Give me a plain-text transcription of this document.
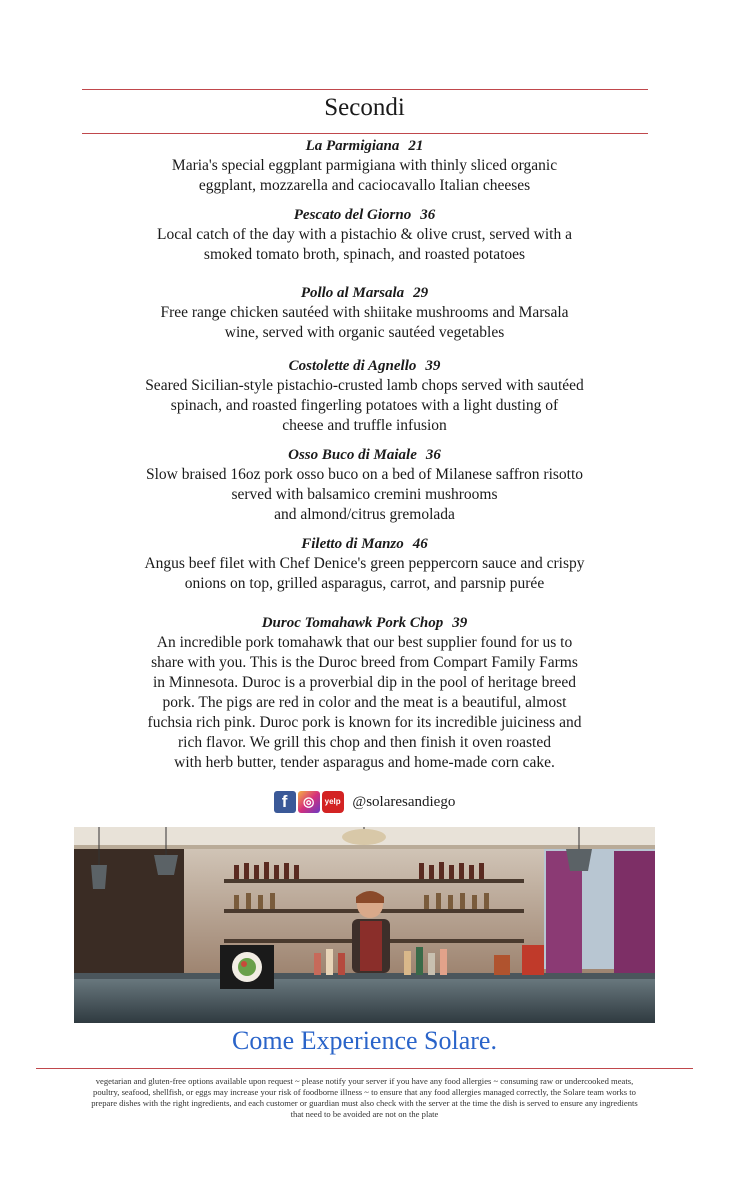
Secondi

La Parmigiana 21

Maria's special eggplant parmigiana with thinly sliced organic
eggplant, mozzarella and caciocavallo Italian cheeses

Pescato del Giorno 36

Local catch of the day with a pistachio & olive crust, served with a
smoked tomato broth, spinach, and roasted potatoes

Pollo al Marsala 29

Free range chicken sautéed with shiitake mushrooms and Marsala
wine, served with organic sautéed vegetables

Costolette di Agnello 39

Seared Sicilian-style pistachio-crusted lamb chops served with sautéed
spinach, and roasted fingerling potatoes with a light dusting of
cheese and truffle infusion

Osso Buco di Maiale 36

Slow braised 16oz pork osso buco on a bed of Milanese saffron risotto
served with balsamico cremini mushrooms
and almond/citrus gremolada

Filetto di Manzo 46

Angus beef filet with Chef Denice's green peppercorn sauce and crispy
onions on top, grilled asparagus, carrot, and parsnip purée

Duroc Tomahawk Pork Chop 39

An incredible pork tomahawk that our best supplier found for us to
share with you. This is the Duroc breed from Compart Family Farms
in Minnesota. Duroc is a proverbial dip in the pool of heritage breed
pork. The pigs are red in color and the meat is a beautiful, almost
fuchsia rich pink. Duroc pork is known for its incredible juiciness and
rich flavor. We grill this chop and then finish it oven roasted
with herb butter, tender asparagus and home-made corn cake.

f ◎ yelp @solaresandiego
Come Experience Solare.
vegetarian and gluten-free options available upon request ~ please notify your server if you have any food allergies ~ consuming raw or undercooked meats,
poultry, seafood, shellfish, or eggs may increase your risk of foodborne illness ~ to ensure that any food allergies managed correctly, the Solare team works to
prepare dishes with the right ingredients, and each customer or guardian must also check with the server at the time the dish is served to ensure any ingredients
that need to be avoided are not on the plate
